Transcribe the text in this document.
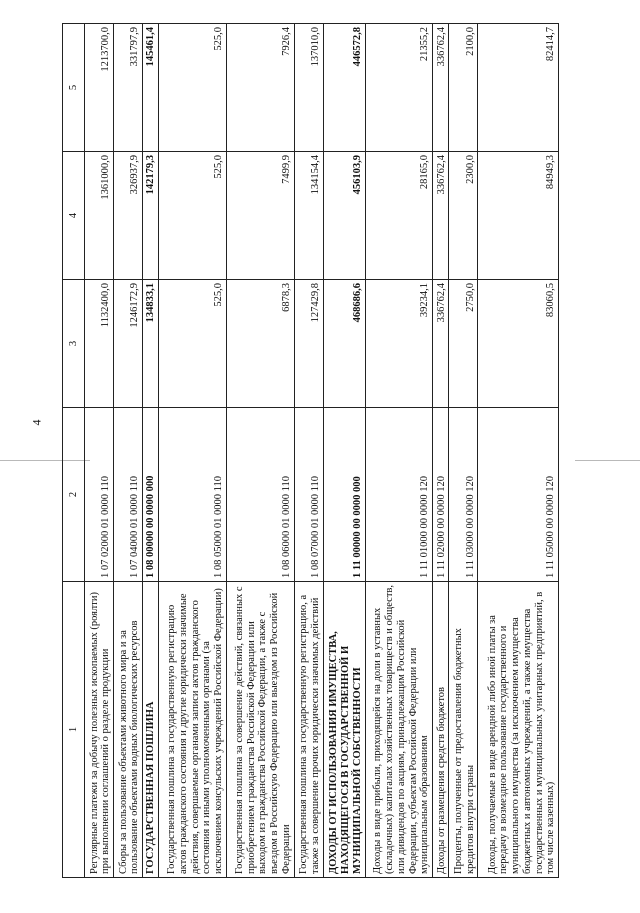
4
1	2	3	4	5
Регулярные платежи за добычу полезных ископаемых (роялти) при выполнении соглашений о разделе продукции	1 07 02000 01 0000 110	1132400,0	1361000,0	1213700,0
Сборы за пользование объектами животного мира и за пользование объектами водных биологических ресурсов	1 07 04000 01 0000 110	1246172,9	326937,9	331797,9
ГОСУДАРСТВЕННАЯ ПОШЛИНА	1 08 00000 00 0000 000	134833,1	142179,3	145461,4
Государственная пошлина за государственную регистрацию актов гражданского состояния и другие юридически значимые действия, совершаемые органами записи актов гражданского состояния и иными уполномоченными органами (за исключением консульских учреждений Российской Федерации)	1 08 05000 01 0000 110	525,0	525,0	525,0
Государственная пошлина за совершение действий, связанных с приобретением гражданства Российской Федерации или выходом из гражданства Российской Федерации, а также с въездом в Российскую Федерацию или выездом из Российской Федерации	1 08 06000 01 0000 110	6878,3	7499,9	7926,4
Государственная пошлина за государственную регистрацию, а также за совершение прочих юридически значимых действий	1 08 07000 01 0000 110	127429,8	134154,4	137010,0
ДОХОДЫ ОТ ИСПОЛЬЗОВАНИЯ ИМУЩЕСТВА, НАХОДЯЩЕГОСЯ В ГОСУДАРСТВЕННОЙ И МУНИЦИПАЛЬНОЙ СОБСТВЕННОСТИ	1 11 00000 00 0000 000	468686,6	456103,9	446572,8
Доходы в виде прибыли, приходящейся на доли в уставных (складочных) капиталах хозяйственных товариществ и обществ, или дивидендов по акциям, принадлежащим Российской Федерации, субъектам Российской Федерации или муниципальным образованиям	1 11 01000 00 0000 120	39234,1	28165,0	21355,2
Доходы от размещения средств бюджетов	1 11 02000 00 0000 120	336762,4	336762,4	336762,4
Проценты, полученные от предоставления бюджетных кредитов внутри страны	1 11 03000 00 0000 120	2750,0	2300,0	2100,0
Доходы, получаемые в виде арендной либо иной платы за передачу в возмездное пользование государственного и муниципального имущества (за исключением имущества бюджетных и автономных учреждений, а также имущества государственных и муниципальных унитарных предприятий, в том числе казенных)	1 11 05000 00 0000 120	83060,5	84949,3	82414,7
